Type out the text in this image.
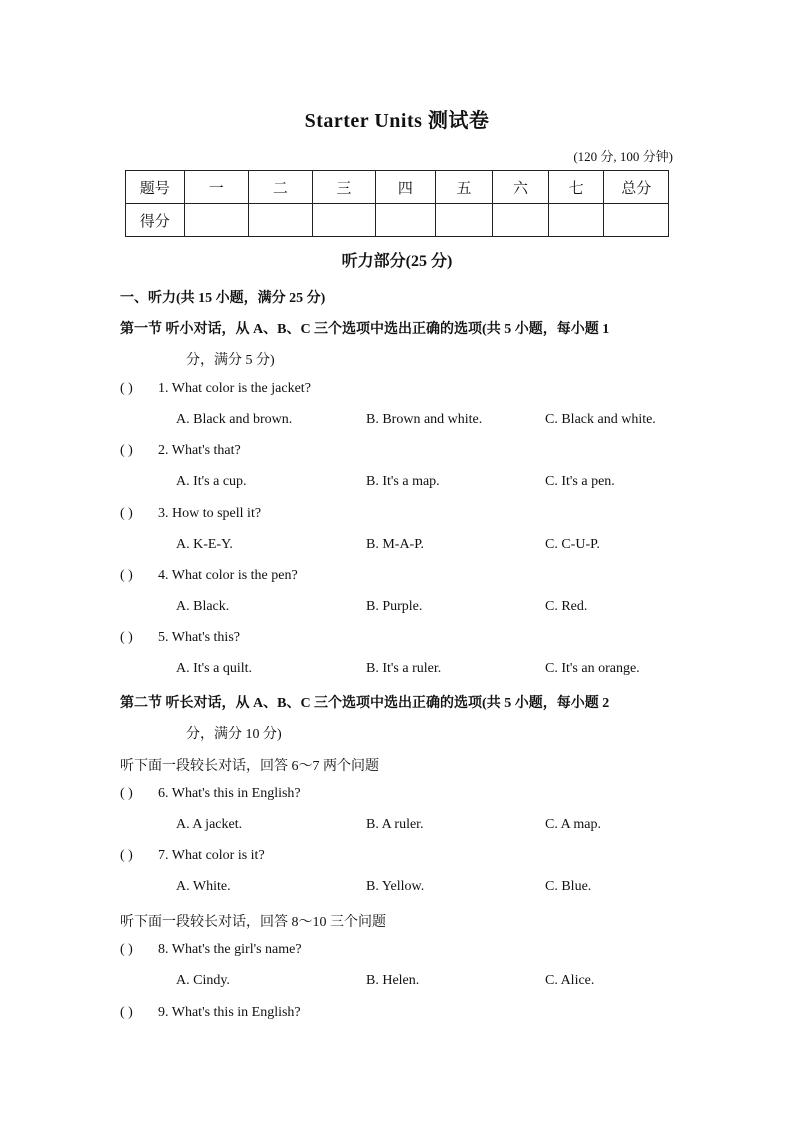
Starter Units 测试卷
(120 分, 100 分钟)
题号	一	二	三	四	五	六	七	总分
得分								
听力部分(25 分)
一、听力(共 15 小题，满分 25 分)
第一节 听小对话，从 A、B、C 三个选项中选出正确的选项(共 5 小题，每小题 1
分，满分 5 分)
( ) 1. What color is the jacket?
A. Black and brown.	B. Brown and white.	C. Black and white.
( ) 2. What's that?
A. It's a cup.	B. It's a map.	C. It's a pen.
( ) 3. How to spell it?
A. K-E-Y.	B. M-A-P.	C. C-U-P.
( ) 4. What color is the pen?
A. Black.	B. Purple.	C. Red.
( ) 5. What's this?
A. It's a quilt.	B. It's a ruler.	C. It's an orange.
第二节 听长对话，从 A、B、C 三个选项中选出正确的选项(共 5 小题，每小题 2
分，满分 10 分)
听下面一段较长对话，回答 6～7 两个问题
( ) 6. What's this in English?
A. A jacket.	B. A ruler.	C. A map.
( ) 7. What color is it?
A. White.	B. Yellow.	C. Blue.
听下面一段较长对话，回答 8～10 三个问题
( ) 8. What's the girl's name?
A. Cindy.	B. Helen.	C. Alice.
( ) 9. What's this in English?
